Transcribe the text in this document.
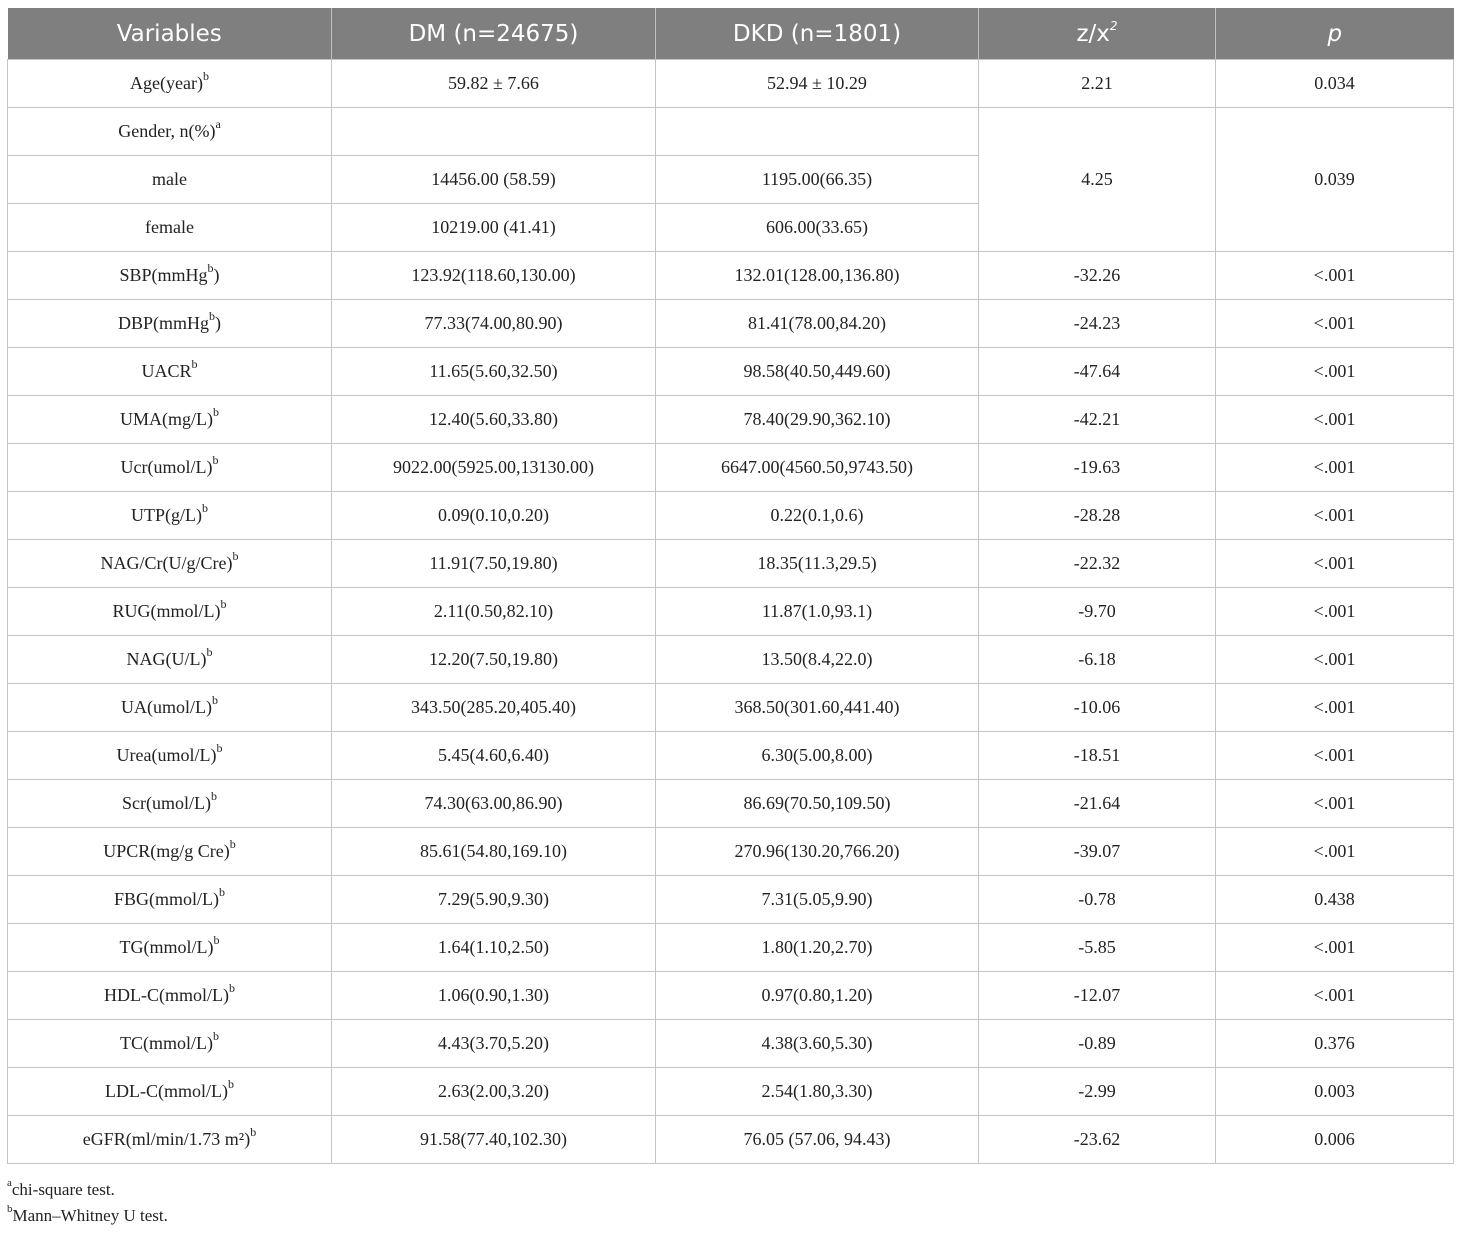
Variables	DM (n=24675)	DKD (n=1801)	$z/x^2$	p
Age(year)$^b$	59.82 ± 7.66	52.94 ± 10.29	2.21	0.034
Gender, n(%)$^a$			4.25	0.039
male	14456.00 (58.59)	1195.00(66.35)		
female	10219.00 (41.41)	606.00(33.65)		
SBP(mmHg$^b$)	123.92(118.60,130.00)	132.01(128.00,136.80)	-32.26	<.001
DBP(mmHg$^b$)	77.33(74.00,80.90)	81.41(78.00,84.20)	-24.23	<.001
UACR$^b$	11.65(5.60,32.50)	98.58(40.50,449.60)	-47.64	<.001
$UMA(mg/L)^b$	12.40(5.60,33.80)	78.40(29.90,362.10)	-42.21	<.001
Ucr(umol/L)$^b$	9022.00(5925.00,13130.00)	6647.00(4560.50,9743.50)	-19.63	<.001
$UTP(g/L)^b$	0.09(0.10,0.20)	0.22(0.1,0.6)	-28.28	<.001
NAG/$Cr(U/g/Cre)^b$	11.91(7.50,19.80)	18.35(11.3,29.5)	-22.32	<.001
RUG(mmol/L)$^b$	2.11(0.50,82.10)	11.87(1.0,93.1)	-9.70	<.001
$NAG(U/L)^b$	12.20(7.50,19.80)	13.50(8.4,22.0)	-6.18	<.001
UA(umol/L)$^b$	343.50(285.20,405.40)	368.50(301.60,441.40)	-10.06	<.001
Urea(umol/L)$^b$	5.45(4.60,6.40)	6.30(5.00,8.00)	-18.51	<.001
Scr(umol/L)$^b$	74.30(63.00,86.90)	86.69(70.50,109.50)	-21.64	<.001
UPCR(mg/g Cre)$^b$	85.61(54.80,169.10)	270.96(130.20,766.20)	-39.07	<.001
FBG(mmol/L)$^b$	7.29(5.90,9.30)	7.31(5.05,9.90)	-0.78	0.438
TG(mmol/L)$^b$	1.64(1.10,2.50)	1.80(1.20,2.70)	-5.85	<.001
HDL-C(mmol/L)$^b$	1.06(0.90,1.30)	0.97(0.80,1.20)	-12.07	<.001
TC(mmol/L)$^b$	4.43(3.70,5.20)	4.38(3.60,5.30)	-0.89	0.376
LDL-C(mmol/L)$^b$	2.63(2.00,3.20)	2.54(1.80,3.30)	-2.99	0.003
eGFR(ml/min/1.73 m²)$^b$	91.58(77.40,102.30)	76.05 (57.06, 94.43)	-23.62	0.006
$^a$chi-square test.
$^b$Mann–Whitney U test.
